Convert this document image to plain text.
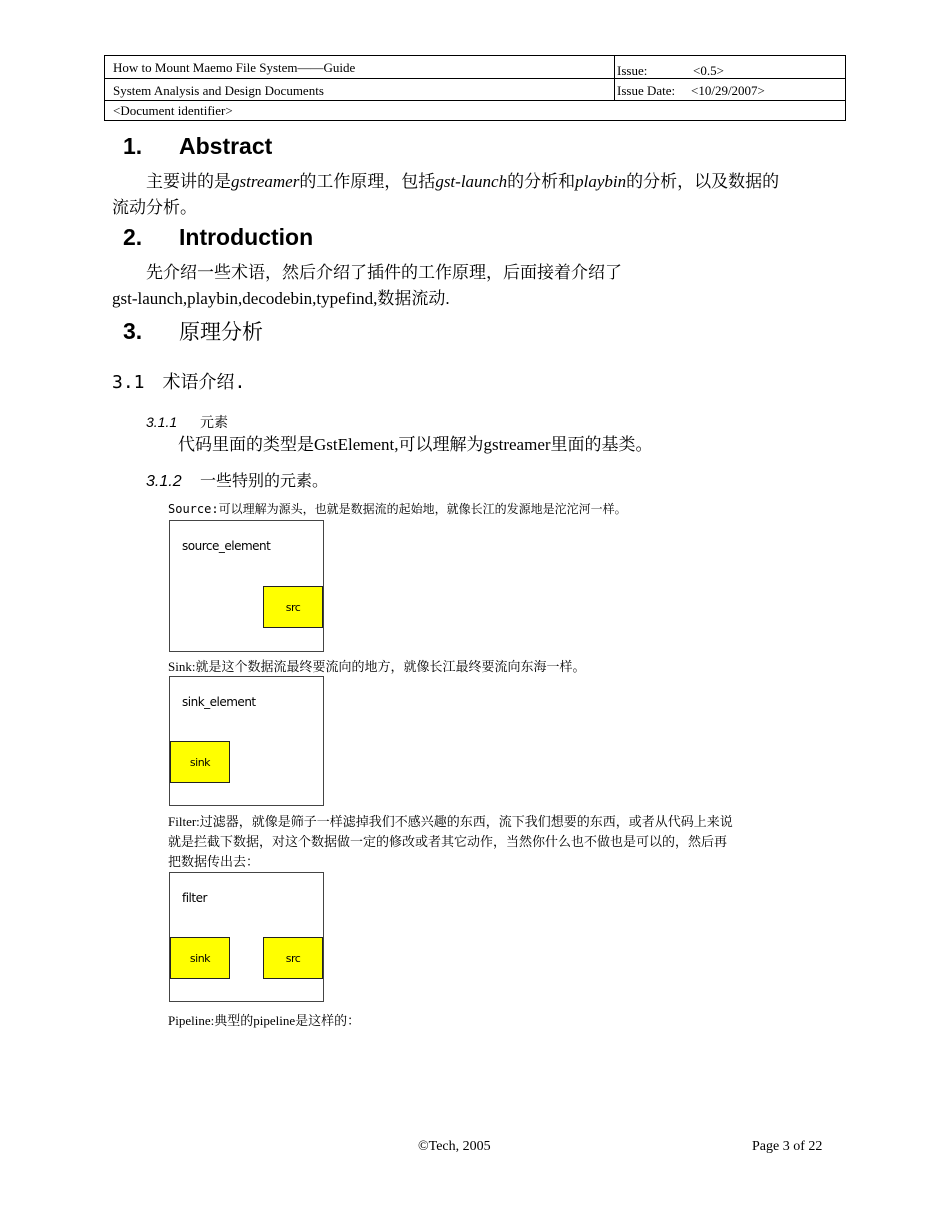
How to Mount Maemo File System——Guide	Issue:	<0.5>
System Analysis and Design Documents	Issue Date: <10/29/2007>
<Document identifier>
1. Abstract
主要讲的是gstreamer的工作原理，包括gst-launch的分析和playbin的分析，以及数据的
流动分析。
2. Introduction
先介绍一些术语，然后介绍了插件的工作原理，后面接着介绍了
gst-launch,playbin,decodebin,typefind,数据流动.
3. 原理分析
3.1　术语介绍.
3.1.1 元素
代码里面的类型是GstElement,可以理解为gstreamer里面的基类。
3.1.2 一些特别的元素。
Source:可以理解为源头，也就是数据流的起始地，就像长江的发源地是沱沱河一样。
source_element
src
Sink:就是这个数据流最终要流向的地方，就像长江最终要流向东海一样。
sink_element
sink
Filter:过滤器，就像是筛子一样滤掉我们不感兴趣的东西，流下我们想要的东西，或者从代码上来说
就是拦截下数据，对这个数据做一定的修改或者其它动作，当然你什么也不做也是可以的，然后再
把数据传出去：
filter
sink	src
Pipeline:典型的pipeline是这样的：
©Tech, 2005	Page 3 of 22
